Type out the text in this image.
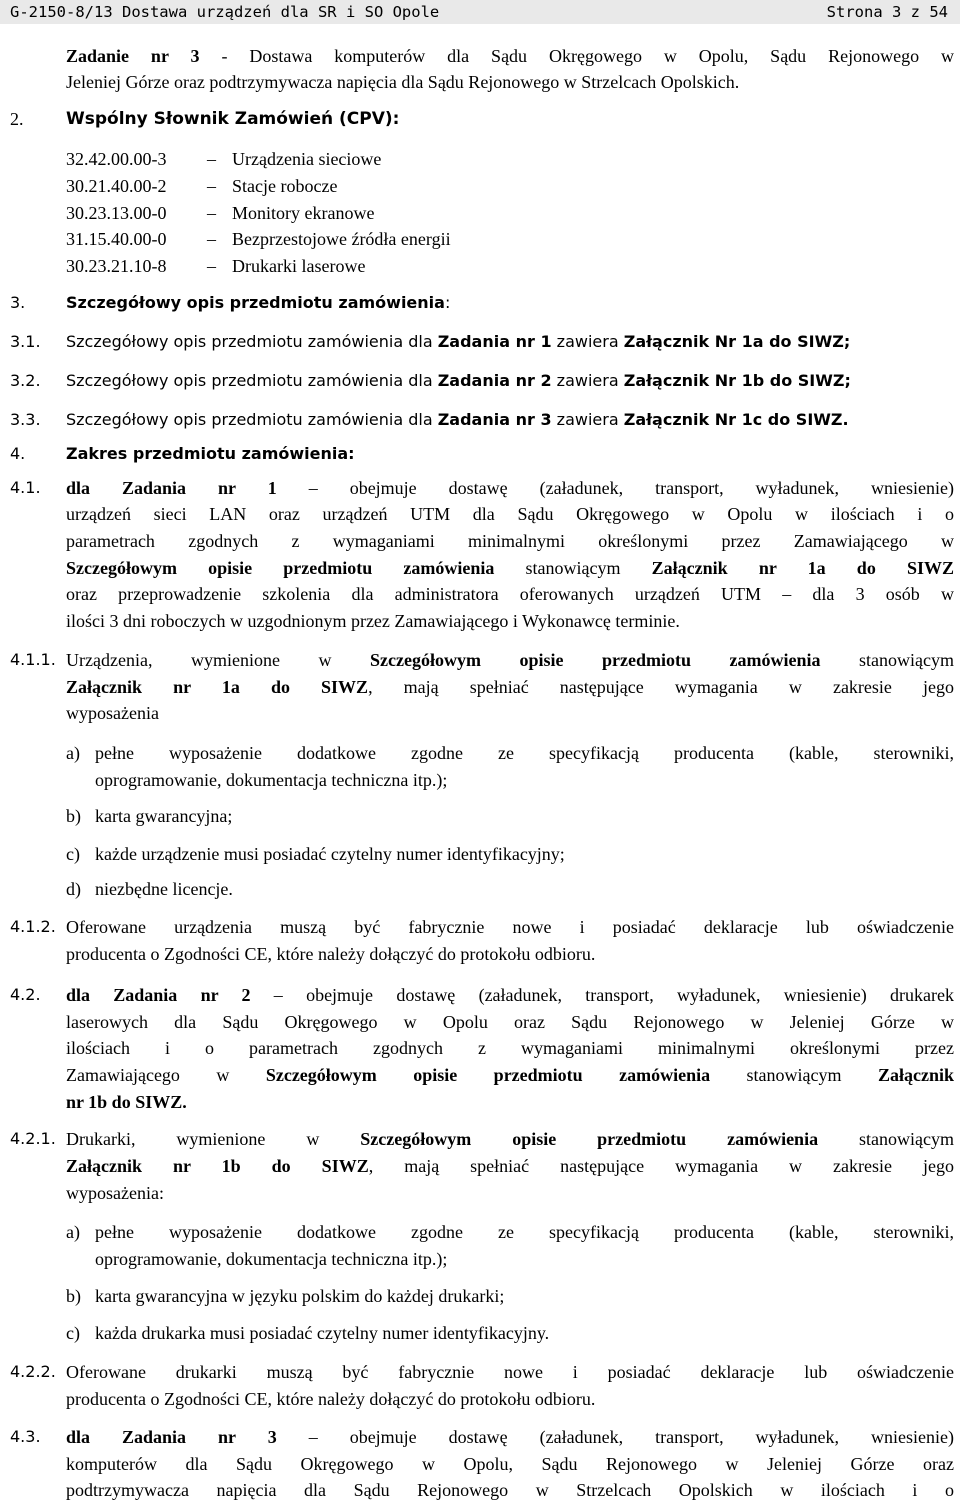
G-2150-8/13 Dostawa urządzeń dla SR i SO Opole	Strona 3 z 54
Zadanie nr 3 - Dostawa komputerów dla Sądu Okręgowego w Opolu, Sądu Rejonowego w
Jeleniej Górze oraz podtrzymywacza napięcia dla Sądu Rejonowego w Strzelcach Opolskich.
2.	Wspólny Słownik Zamówień (CPV):
32.42.00.00-3 – Urządzenia sieciowe
30.21.40.00-2 – Stacje robocze
30.23.13.00-0 – Monitory ekranowe
31.15.40.00-0 – Bezprzestojowe źródła energii
30.23.21.10-8 – Drukarki laserowe
3.	Szczegółowy opis przedmiotu zamówienia:
3.1. Szczegółowy opis przedmiotu zamówienia dla Zadania nr 1 zawiera Załącznik Nr 1a do SIWZ;
3.2. Szczegółowy opis przedmiotu zamówienia dla Zadania nr 2 zawiera Załącznik Nr 1b do SIWZ;
3.3. Szczegółowy opis przedmiotu zamówienia dla Zadania nr 3 zawiera Załącznik Nr 1c do SIWZ.
4.	Zakres przedmiotu zamówienia:
4.1. dla Zadania nr 1 – obejmuje dostawę (załadunek, transport, wyładunek, wniesienie)
urządzeń sieci LAN oraz urządzeń UTM dla Sądu Okręgowego w Opolu w ilościach i o
parametrach zgodnych z wymaganiami minimalnymi określonymi przez Zamawiającego w
Szczegółowym opisie przedmiotu zamówienia stanowiącym Załącznik nr 1a do SIWZ
oraz przeprowadzenie szkolenia dla administratora oferowanych urządzeń UTM – dla 3 osób w
ilości 3 dni roboczych w uzgodnionym przez Zamawiającego i Wykonawcę terminie.
4.1.1. Urządzenia, wymienione w Szczegółowym opisie przedmiotu zamówienia stanowiącym
Załącznik nr 1a do SIWZ, mają spełniać następujące wymagania w zakresie jego
wyposażenia
a) pełne wyposażenie dodatkowe zgodne ze specyfikacją producenta (kable, sterowniki,
oprogramowanie, dokumentacja techniczna itp.);
b) karta gwarancyjna;
c) każde urządzenie musi posiadać czytelny numer identyfikacyjny;
d) niezbędne licencje.
4.1.2. Oferowane urządzenia muszą być fabrycznie nowe i posiadać deklaracje lub oświadczenie
producenta o Zgodności CE, które należy dołączyć do protokołu odbioru.
4.2. dla Zadania nr 2 – obejmuje dostawę (załadunek, transport, wyładunek, wniesienie) drukarek
laserowych dla Sądu Okręgowego w Opolu oraz Sądu Rejonowego w Jeleniej Górze w
ilościach i o parametrach zgodnych z wymaganiami minimalnymi określonymi przez
Zamawiającego w Szczegółowym opisie przedmiotu zamówienia stanowiącym Załącznik
nr 1b do SIWZ.
4.2.1. Drukarki, wymienione w Szczegółowym opisie przedmiotu zamówienia stanowiącym
Załącznik nr 1b do SIWZ, mają spełniać następujące wymagania w zakresie jego
wyposażenia:
a) pełne wyposażenie dodatkowe zgodne ze specyfikacją producenta (kable, sterowniki,
oprogramowanie, dokumentacja techniczna itp.);
b) karta gwarancyjna w języku polskim do każdej drukarki;
c) każda drukarka musi posiadać czytelny numer identyfikacyjny.
4.2.2. Oferowane drukarki muszą być fabrycznie nowe i posiadać deklaracje lub oświadczenie
producenta o Zgodności CE, które należy dołączyć do protokołu odbioru.
4.3. dla Zadania nr 3 – obejmuje dostawę (załadunek, transport, wyładunek, wniesienie)
komputerów dla Sądu Okręgowego w Opolu, Sądu Rejonowego w Jeleniej Górze oraz
podtrzymywacza napięcia dla Sądu Rejonowego w Strzelcach Opolskich w ilościach i o
